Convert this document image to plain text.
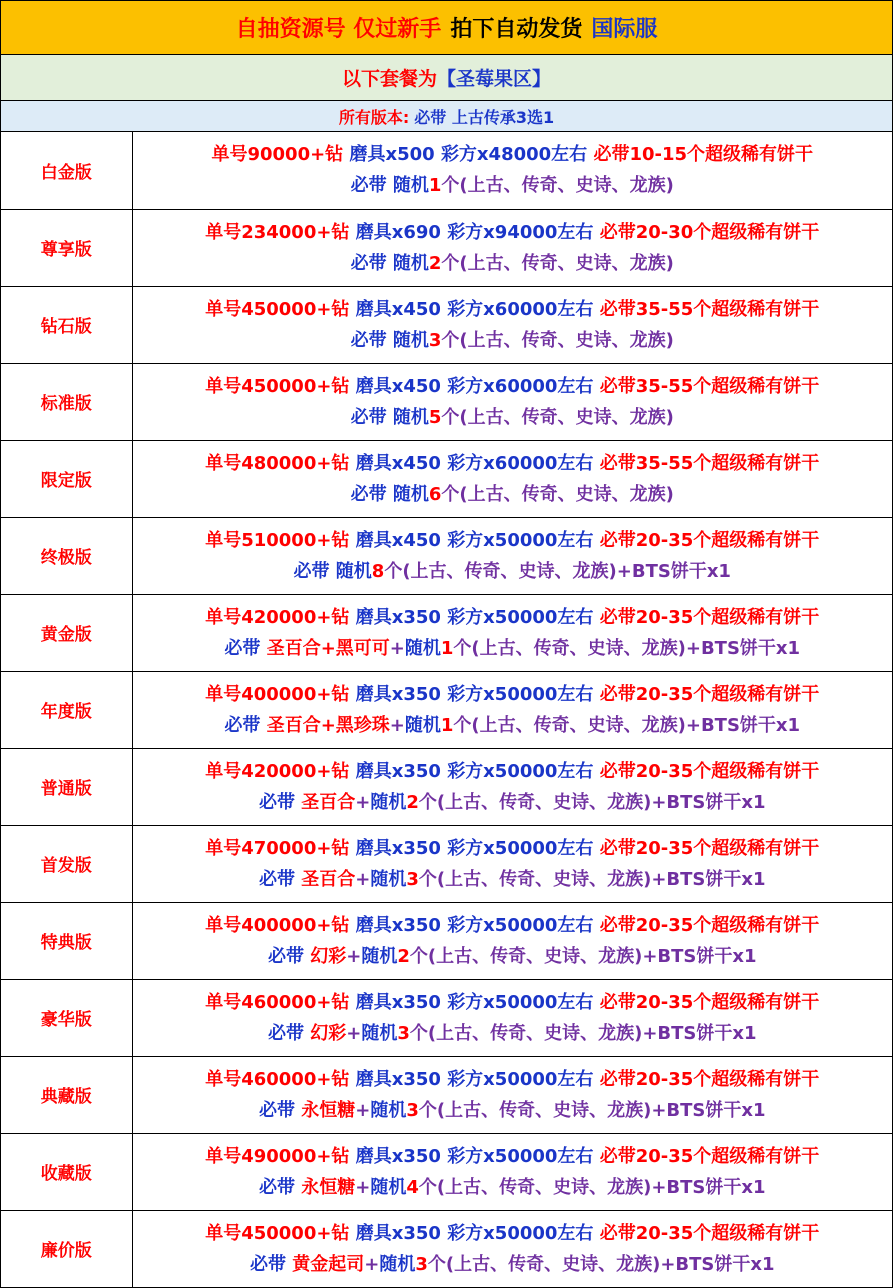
自抽资源号 仅过新手 拍下自动发货 国际服
以下套餐为 【圣莓果区】
所有版本: 必带 上古传承3选1
白金版	单号90000+钻 磨具x500 彩方x48000左右 必带10-15个超级稀有饼干
必带 随机1个(上古、传奇、史诗、龙族)

尊享版	单号234000+钻 磨具x690 彩方x94000左右 必带20-30个超级稀有饼干
必带 随机2个(上古、传奇、史诗、龙族)

钻石版	单号450000+钻 磨具x450 彩方x60000左右 必带35-55个超级稀有饼干
必带 随机3个(上古、传奇、史诗、龙族)

标准版	单号450000+钻 磨具x450 彩方x60000左右 必带35-55个超级稀有饼干
必带 随机5个(上古、传奇、史诗、龙族)

限定版	单号480000+钻 磨具x450 彩方x60000左右 必带35-55个超级稀有饼干
必带 随机6个(上古、传奇、史诗、龙族)

终极版	单号510000+钻 磨具x450 彩方x50000左右 必带20-35个超级稀有饼干
必带 随机8个(上古、传奇、史诗、龙族)+BTS饼干x1

黄金版	单号420000+钻 磨具x350 彩方x50000左右 必带20-35个超级稀有饼干
必带 圣百合+黑可可+随机1个(上古、传奇、史诗、龙族)+BTS饼干x1

年度版	单号400000+钻 磨具x350 彩方x50000左右 必带20-35个超级稀有饼干
必带 圣百合+黑珍珠+随机1个(上古、传奇、史诗、龙族)+BTS饼干x1

普通版	单号420000+钻 磨具x350 彩方x50000左右 必带20-35个超级稀有饼干
必带 圣百合+随机2个(上古、传奇、史诗、龙族)+BTS饼干x1

首发版	单号470000+钻 磨具x350 彩方x50000左右 必带20-35个超级稀有饼干
必带 圣百合+随机3个(上古、传奇、史诗、龙族)+BTS饼干x1

特典版	单号400000+钻 磨具x350 彩方x50000左右 必带20-35个超级稀有饼干
必带 幻彩+随机2个(上古、传奇、史诗、龙族)+BTS饼干x1

豪华版	单号460000+钻 磨具x350 彩方x50000左右 必带20-35个超级稀有饼干
必带 幻彩+随机3个(上古、传奇、史诗、龙族)+BTS饼干x1

典藏版	单号460000+钻 磨具x350 彩方x50000左右 必带20-35个超级稀有饼干
必带 永恒糖+随机3个(上古、传奇、史诗、龙族)+BTS饼干x1

收藏版	单号490000+钻 磨具x350 彩方x50000左右 必带20-35个超级稀有饼干
必带 永恒糖+随机4个(上古、传奇、史诗、龙族)+BTS饼干x1

廉价版	单号450000+钻 磨具x350 彩方x50000左右 必带20-35个超级稀有饼干
必带 黄金起司+随机3个(上古、传奇、史诗、龙族)+BTS饼干x1
